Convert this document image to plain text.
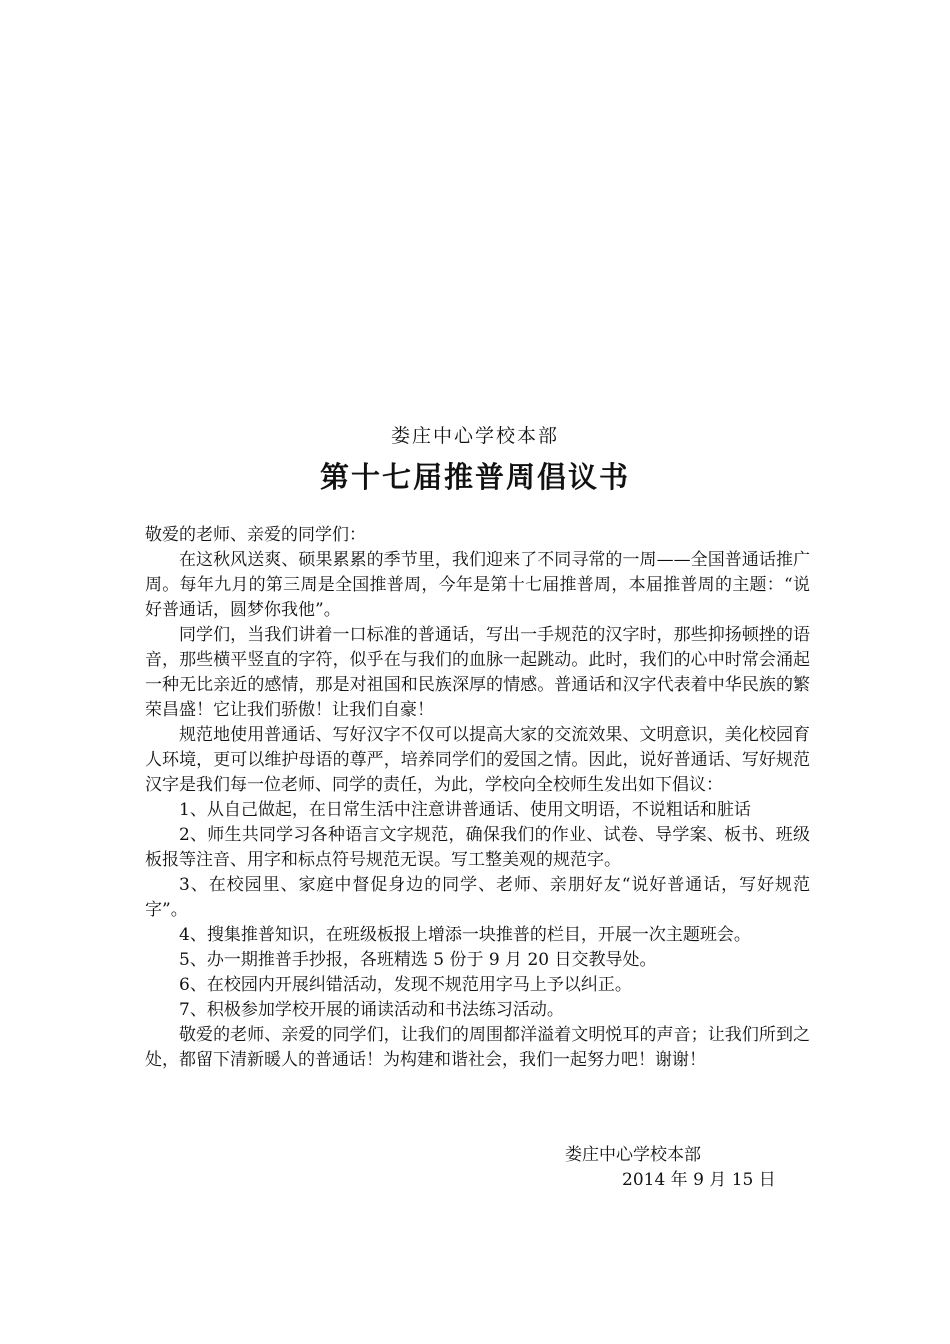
娄庄中心学校本部
第十七届推普周倡议书

敬爱的老师、亲爱的同学们：

在这秋风送爽、硕果累累的季节里，我们迎来了不同寻常的一周——全国普通话推广周。每年九月的第三周是全国推普周，今年是第十七届推普周，本届推普周的主题：“说好普通话，圆梦你我他”。

同学们，当我们讲着一口标准的普通话，写出一手规范的汉字时，那些抑扬顿挫的语音，那些横平竖直的字符，似乎在与我们的血脉一起跳动。此时，我们的心中时常会涌起一种无比亲近的感情，那是对祖国和民族深厚的情感。普通话和汉字代表着中华民族的繁荣昌盛！它让我们骄傲！让我们自豪！

规范地使用普通话、写好汉字不仅可以提高大家的交流效果、文明意识，美化校园育人环境，更可以维护母语的尊严，培养同学们的爱国之情。因此，说好普通话、写好规范汉字是我们每一位老师、同学的责任，为此，学校向全校师生发出如下倡议：

1、从自己做起，在日常生活中注意讲普通话、使用文明语，不说粗话和脏话

2、师生共同学习各种语言文字规范，确保我们的作业、试卷、导学案、板书、班级板报等注音、用字和标点符号规范无误。写工整美观的规范字。

3、在校园里、家庭中督促身边的同学、老师、亲朋好友“说好普通话，写好规范字”。

4、搜集推普知识，在班级板报上增添一块推普的栏目，开展一次主题班会。

5、办一期推普手抄报，各班精选 5 份于 9 月 20 日交教导处。

6、在校园内开展纠错活动，发现不规范用字马上予以纠正。

7、积极参加学校开展的诵读活动和书法练习活动。

敬爱的老师、亲爱的同学们，让我们的周围都洋溢着文明悦耳的声音；让我们所到之处，都留下清新暖人的普通话！为构建和谐社会，我们一起努力吧！谢谢！

娄庄中心学校本部
2014 年 9 月 15 日
